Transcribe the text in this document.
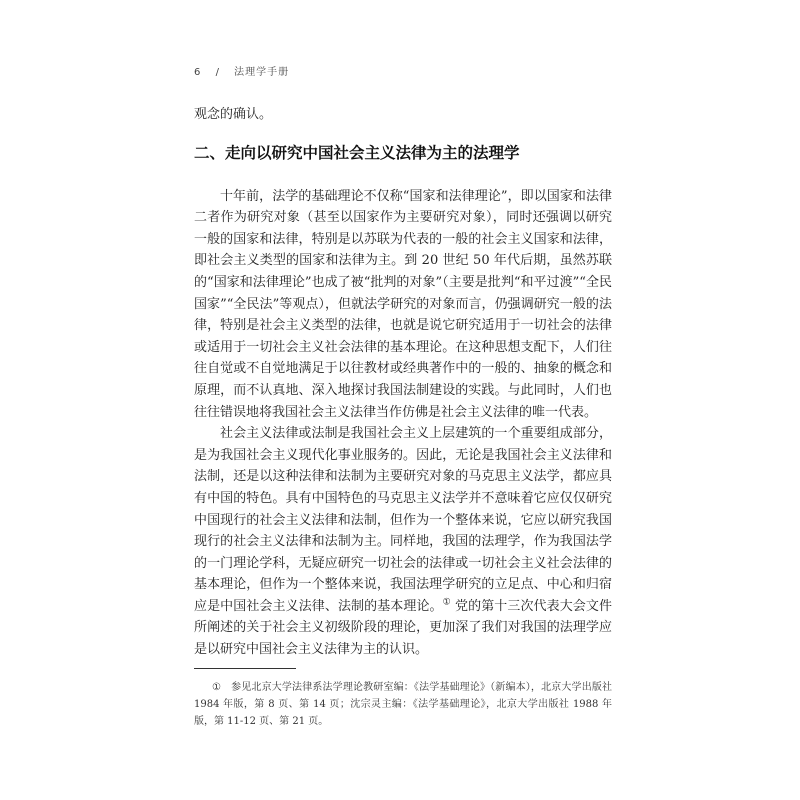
6 / 法理学手册

观念的确认。

二、走向以研究中国社会主义法律为主的法理学

十年前，法学的基础理论不仅称“国家和法律理论”，即以国家和法律二者作为研究对象（甚至以国家作为主要研究对象），同时还强调以研究一般的国家和法律，特别是以苏联为代表的一般的社会主义国家和法律，即社会主义类型的国家和法律为主。到 20 世纪 50 年代后期，虽然苏联的“国家和法律理论”也成了被“批判的对象”（主要是批判“和平过渡”“全民国家”“全民法”等观点），但就法学研究的对象而言，仍强调研究一般的法律，特别是社会主义类型的法律，也就是说它研究适用于一切社会的法律或适用于一切社会主义社会法律的基本理论。在这种思想支配下，人们往往自觉或不自觉地满足于以往教材或经典著作中的一般的、抽象的概念和原理，而不认真地、深入地探讨我国法制建设的实践。与此同时，人们也往往错误地将我国社会主义法律当作仿佛是社会主义法律的唯一代表。

社会主义法律或法制是我国社会主义上层建筑的一个重要组成部分，是为我国社会主义现代化事业服务的。因此，无论是我国社会主义法律和法制，还是以这种法律和法制为主要研究对象的马克思主义法学，都应具有中国的特色。具有中国特色的马克思主义法学并不意味着它应仅仅研究中国现行的社会主义法律和法制，但作为一个整体来说，它应以研究我国现行的社会主义法律和法制为主。同样地，我国的法理学，作为我国法学的一门理论学科，无疑应研究一切社会的法律或一切社会主义社会法律的基本理论，但作为一个整体来说，我国法理学研究的立足点、中心和归宿应是中国社会主义法律、法制的基本理论。① 党的第十三次代表大会文件所阐述的关于社会主义初级阶段的理论，更加深了我们对我国的法理学应是以研究中国社会主义法律为主的认识。

① 参见北京大学法律系法学理论教研室编：《法学基础理论》（新编本），北京大学出版社 1984 年版，第 8 页、第 14 页；沈宗灵主编：《法学基础理论》，北京大学出版社 1988 年版，第 11-12 页、第 21 页。
